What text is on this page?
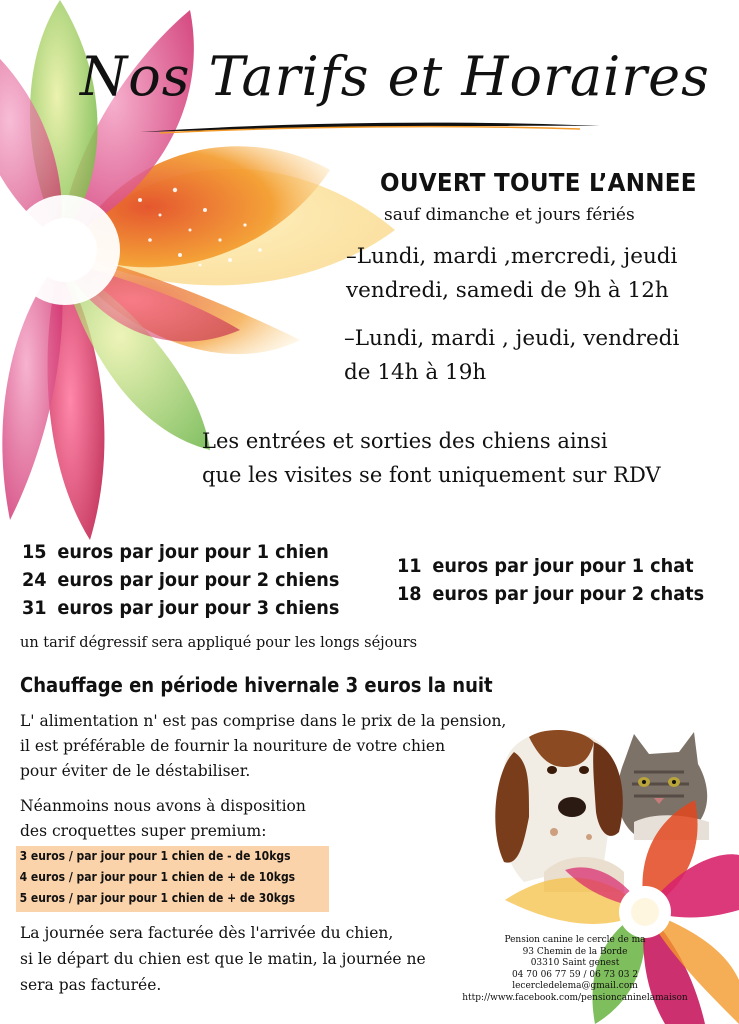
Nos Tarifs et Horaires
OUVERT TOUTE L’ANNEE
sauf dimanche et jours fériés
–Lundi, mardi ,mercredi, jeudi
vendredi, samedi de 9h à 12h
–Lundi, mardi , jeudi, vendredi
de 14h à 19h
Les entrées et sorties des chiens ainsi
que les visites se font uniquement sur RDV
15 euros par jour pour 1 chien
24 euros par jour pour 2 chiens
31 euros par jour pour 3 chiens
11 euros par jour pour 1 chat
18 euros par jour pour 2 chats
un tarif dégressif sera appliqué pour les longs séjours
Chauffage en période hivernale 3 euros la nuit
L' alimentation n' est pas comprise dans le prix de la pension,
il est préférable de fournir la nouriture de votre chien
pour éviter de le déstabiliser.
Néanmoins nous avons à disposition
des croquettes super premium:
3 euros / par jour pour 1 chien de - de 10kgs
4 euros / par jour pour 1 chien de + de 10kgs
5 euros / par jour pour 1 chien de + de 30kgs
La journée sera facturée dès l'arrivée du chien,
si le départ du chien est que le matin, la journée ne
sera pas facturée.
Pension canine le cercle de ma
93 Chemin de la Borde
03310 Saint genest
04 70 06 77 59 / 06 73 03 2
lecercledelema@gmail.com
http://www.facebook.com/pensioncaninelamaison
